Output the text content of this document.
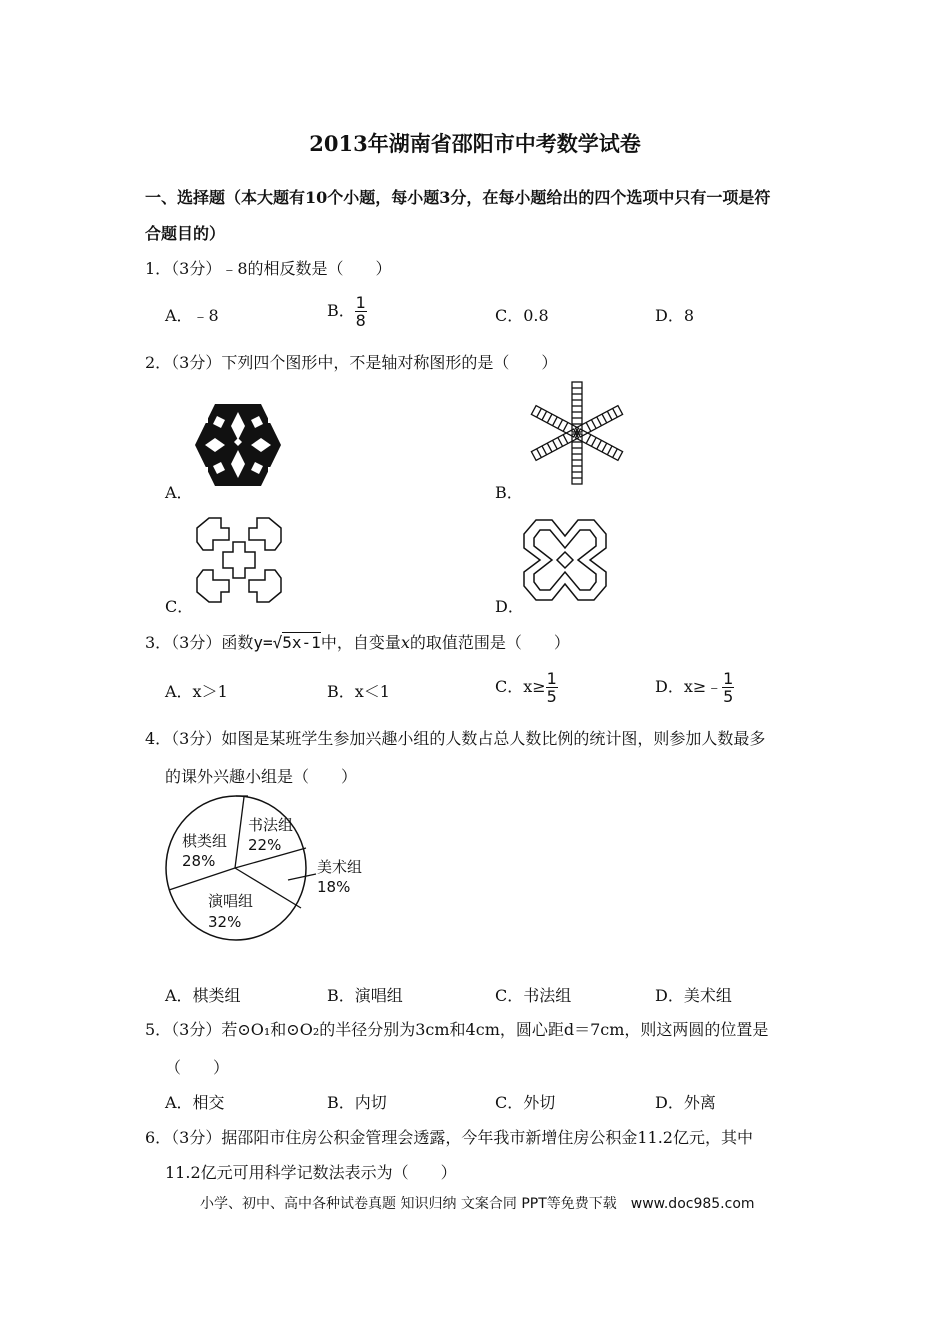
2013年湖南省邵阳市中考数学试卷
一、选择题（本大题有10个小题，每小题3分，在每小题给出的四个选项中只有一项是符
合题目的）
1．（3分）﹣8的相反数是（　　）
A．﹣8	B． $\frac{1}{8}$	C．0.8	D．8
2．（3分）下列四个图形中，不是轴对称图形的是（　　）
A．	B．
C．	D．
3．（3分）函数y=√5x-1中，自变量x的取值范围是（　　）
A．x＞1	B．x＜1	C．$x\ge \frac{1}{5}$	D．x≥﹣ $\frac{1}{5}$
4．（3分）如图是某班学生参加兴趣小组的人数占总人数比例的统计图，则参加人数最多
的课外兴趣小组是（　　）
棋类组
28%
书法组
22%
美术组
18%
演唱组
32%
A．棋类组	B．演唱组	C．书法组	D．美术组
5．（3分）若⊙O₁和⊙O₂的半径分别为3cm和4cm，圆心距d＝7cm，则这两圆的位置是
（　　）
A．相交	B．内切	C．外切	D．外离
6．（3分）据邵阳市住房公积金管理会透露，今年我市新增住房公积金11.2亿元，其中
11.2亿元可用科学记数法表示为（　　）
小学、初中、高中各种试卷真题 知识归纳 文案合同 PPT等免费下载　www.doc985.com
